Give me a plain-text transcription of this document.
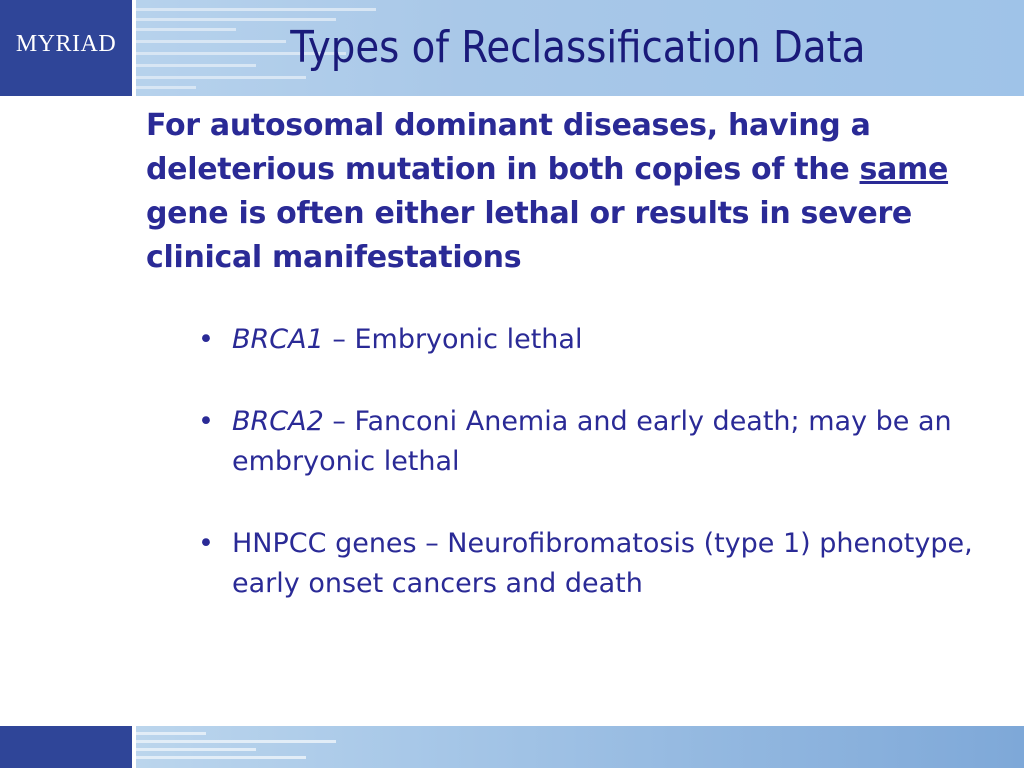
MYRIAD	Types of Reclassification Data
For autosomal dominant diseases, having a deleterious mutation in both copies of the same gene is often either lethal or results in severe clinical manifestations
• BRCA1 – Embryonic lethal
• BRCA2 – Fanconi Anemia and early death; may be an embryonic lethal
• HNPCC genes – Neurofibromatosis (type 1) phenotype, early onset cancers and death
